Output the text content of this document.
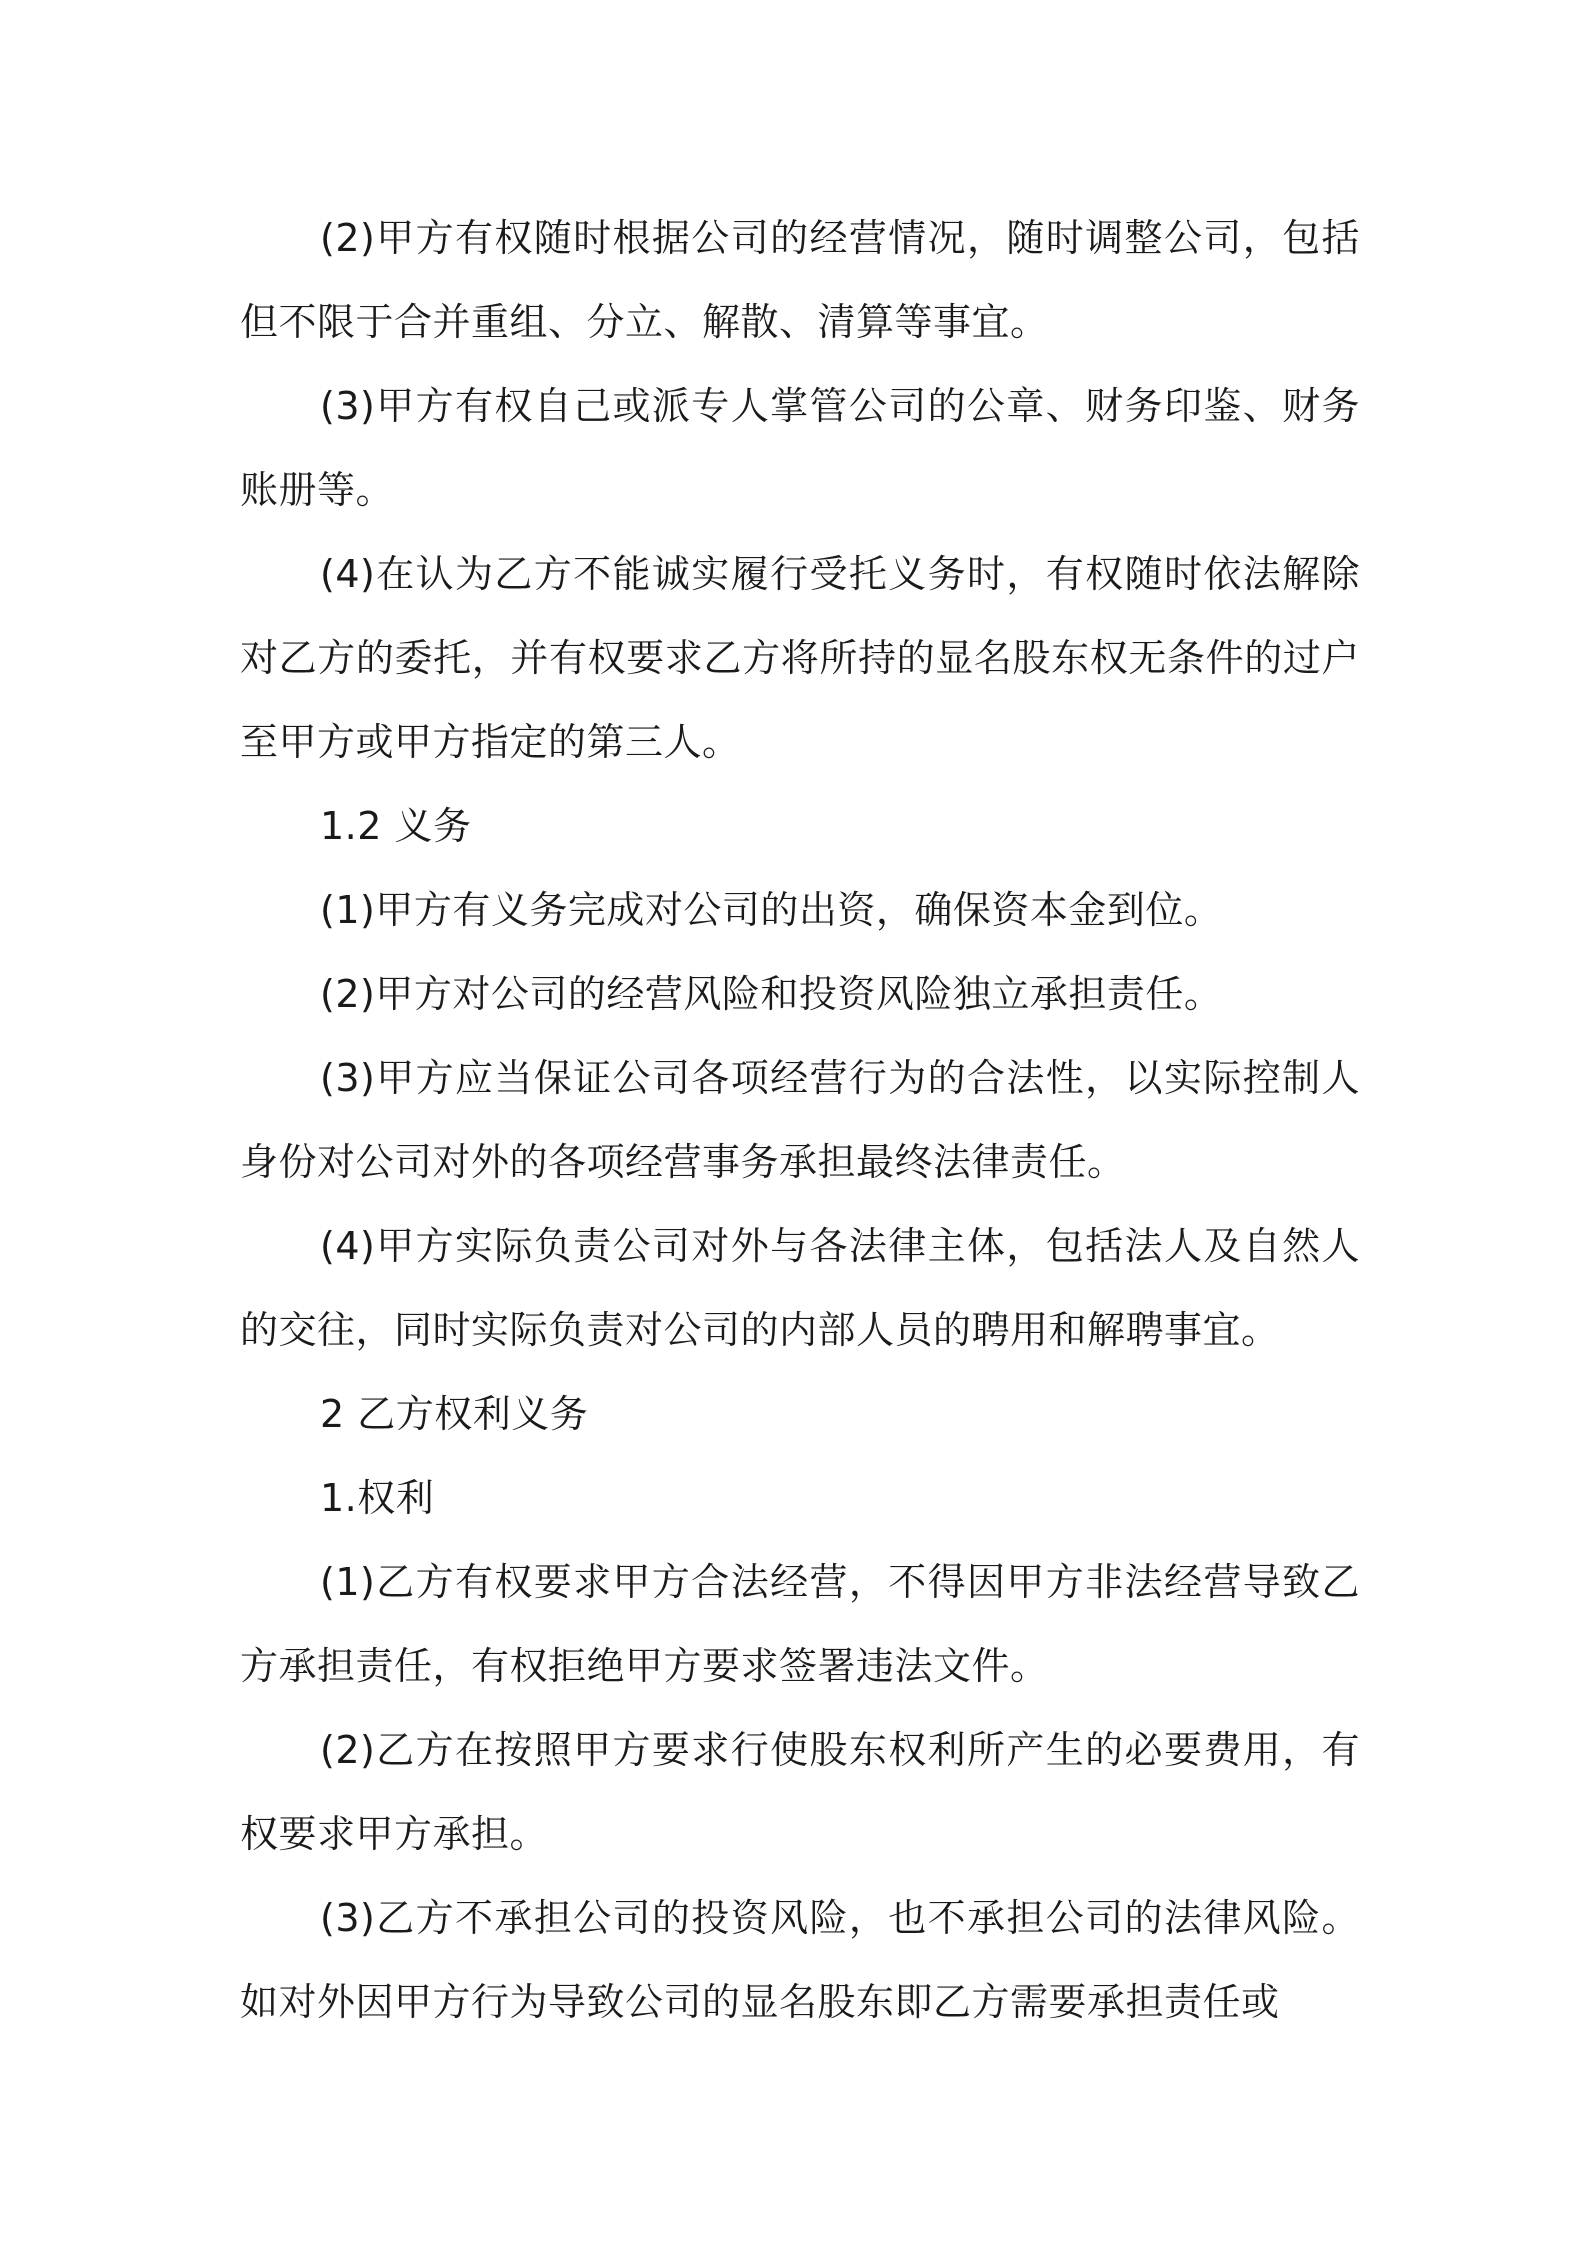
(2)甲方有权随时根据公司的经营情况，随时调整公司，包括但不限于合并重组、分立、解散、清算等事宜。

(3)甲方有权自己或派专人掌管公司的公章、财务印鉴、财务账册等。

(4)在认为乙方不能诚实履行受托义务时，有权随时依法解除对乙方的委托，并有权要求乙方将所持的显名股东权无条件的过户至甲方或甲方指定的第三人。

1.2 义务

(1)甲方有义务完成对公司的出资，确保资本金到位。

(2)甲方对公司的经营风险和投资风险独立承担责任。

(3)甲方应当保证公司各项经营行为的合法性，以实际控制人身份对公司对外的各项经营事务承担最终法律责任。

(4)甲方实际负责公司对外与各法律主体，包括法人及自然人的交往，同时实际负责对公司的内部人员的聘用和解聘事宜。

2 乙方权利义务

1.权利

(1)乙方有权要求甲方合法经营，不得因甲方非法经营导致乙方承担责任，有权拒绝甲方要求签署违法文件。

(2)乙方在按照甲方要求行使股东权利所产生的必要费用，有权要求甲方承担。

(3)乙方不承担公司的投资风险，也不承担公司的法律风险。如对外因甲方行为导致公司的显名股东即乙方需要承担责任或
